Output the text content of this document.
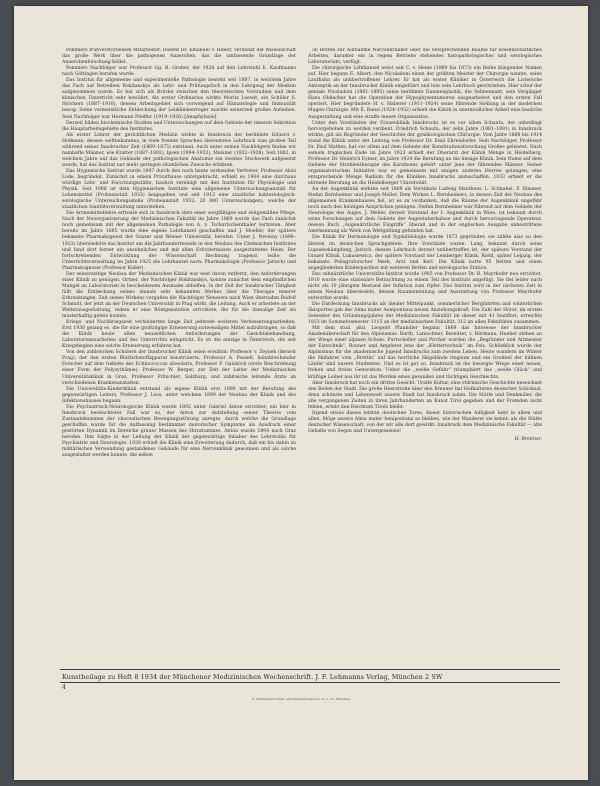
Pommers frühverstorbenem Mitarbeiter, Dozent Dr. Emanuel v. Hibler, verdankt die Wissenschaft das große Werk über die pathogenen Anaeroben, das die umfassende Grundlage der Anaerobenforschung bildet.

Pommers Nachfolger war Professor Gg. B. Gruber, der 1928 auf den Lehrstuhl E. Kaufmanns nach Göttingen berufen wurde.

Das Institut für allgemeine und experimentelle Pathologie besteht seit 1887, in welchem Jahre das Fach auf Betreiben Rokitanskys als Lehr- und Prüfungsfach in den Lehrgang der Medizin aufgenommen wurde. Es hat sich als Brücke zwischen den theoretischen Vorstudien und dem klinischen Unterricht sehr bewährt. Als erster Ordinarius wirkte Moritz Loewit, ein Schüler S. Strickers (1887–1918), dessen Arbeitsgebiet sich vorwiegend auf Hämatologie und Immunität bezog. Seine vermeintliche Entdeckung der Leukämieerreger machte seinerzeit großes Aufsehen. Sein Nachfolger war Hermann Pfeiffer (1919–1926) [Anaphylaxie].

Derzeit bilden biochemische Studien und Untersuchungen auf dem Gebiete der inneren Sekretion die Hauptarbeitsgebiete des Institutes.

Als erster Lehrer der gerichtlichen Medizin wirkte in Innsbruck der berühmte Eduard v. Hofmann, dessen weltbekanntes, in viele fremde Sprachen übersetztes Lehrbuch zum großen Teil während seiner Innsbrucker Zeit (1869–1875) entstand. Auch unter seinen Nachfolgern finden wir namhafte Männer, wie Kratter (1887–1892), Ipsen (1894–1932), Meixner (1932–1938). Seit 1882, in welchem Jahre auf das Gebäude der pathologischen Anatomie ein zweites Stockwerk aufgesetzt wurde, hat das Institut nur mehr geringen räumlichen Zuwachs erfahren.

Das Hygienische Institut wurde 1897 durch den noch heute wirkenden Vertreter, Professor Alois Lode, begründet. Zunächst in einem Privathause untergebracht, erhielt es 1904 eine durchaus würdige Lehr- und Forschungsstätte, baulich vereinigt mit den Instituten für Physiologie und Physik. Seit 1908 ist dem Hygienischen Institute eine allgemeine Untersuchungsanstalt für Lebensmittel (Probeanstalt 1933) beigegeben und seit 1913 eine staatliche bakteriologisch-serologische Untersuchungsstelle (Probeanstalt 1932: 20 880 Untersuchungen), welche der staatlichen Sanitätsverwaltung unterstehen.

Die Arzneimittellehre erfreute sich in Innsbruck stets einer sorgfältigen und zeitgemäßen Pflege. Nach der Neuorganisierung der Medizinischen Fakultät im Jahre 1869 wurde das Fach zunächst noch gemeinsam mit der allgemeinen Pathologie von A. v. Tschurtschenthaler vertreten. Aber bereits im Jahre 1885 wurde eine eigene Lehrkanzel geschaffen und J. Moeller, der spätere bekannte Pharmakognost der Grazer und Wiener Universität, berufen. Unter J. Nevinny (1896–1923) übersiedelte das Institut um die Jahrhundertwende in den Neubau des Chemischen Institutes und fand dort ferner ein ansehnliches und mit allen Erfordernissen ausgestattetes Heim. Der fortschreitenden Entwicklung der Wissenschaft Rechnung tragend, teilte die Unterrichtsverwaltung im Jahre 1925 die Lehrkanzel nach: Pharmakologie (Professor Jarisch) und Pharmakognosie (Professor Koller).

Der seinerzeitige Neubau der Medizinischen Klinik war weit davon entfernt, den Anforderungen einer Klinik zu genügen. Ortner, der Nachfolger Rokitanskys, konnte zunächst dem empfindlichen Mangel an Laboratorien in bescheidenem Ausmaße abhelfen. In der Zeit der Innsbrucker Tätigkeit fällt die Entdeckung seines damals sehr bekannten Werkes über die Therapie innerer Erkrankungen. Zeit seines Wirkens vergaßen die Nachfolger Neussers nach Wien übernahm Rudolf Schmidt, der jetzt an der Deutschen Universität in Prag wirkt, die Leitung. Auch er arbeitete an der Weiterausgestaltung, indem er eine Röntgenstation errichtete, die für die damalige Zeit als musterhaftig gelten konnte.

Kriegs- und Nachkriegszeit verhinderten lange Zeit jedwede weiteren Verbesserungsarbeiten. Erst 1930 gelang es, die für eine großzügige Erneuerung notwendigen Mittel aufzubringen, so daß die Klinik heute allen neuzeitlichen Anforderungen der Gesichtsbehandlung, Laboratoriumsarbeiten und des Unterrichts entspricht. Es ist die einzige in Österreich, die seit Kriegsbeginn eine solche Erneuerung erfahren hat.

Von den zahlreichen Schülern der Innsbrucker Klinik seien erwähnt: Professor v. Zeynek (derzeit Prag), der den ersten Blutfarbstoffapparat konstruierte, Professor A. Posselt, hahnbrechender Forscher auf dem Gebiete des Echinococcus alveolaris, Professor F. Gaisböck (erste Beschreibung einer Form der Polyzythämie), Professor W. Berger, zur Zeit der Leiter der Medizinischen Universitätsklinik in Graz, Professor Fritschler, Salzburg, und zahlreiche leitende Ärzte an verschiedenen Krankenanstalten.

Die Universitäts-Kinderklinik entstand als eigene Klinik erst 1896 mit der Berufung des gegenwärtigen Leiters, Professor J. Loos, unter welchem 1899 der Neubau der Klinik und des Infektionshauses begann.

Die Psychiatrisch-Neurologische Klinik wurde 1892 unter Gabriel Anton errichtet; ein hier in Innsbruck beobachteter Fall war es, der Anton zur Aufstellung seiner Theorie vom Zustandekommen der choreatischen Bewegungsstörung anregte, durch welche die Grundlage geschaffen wurde für die Auffassung bestimmter motorischer Symptome als Ausdruck einer gestörten Dynamik im Bereiche grauer Massen des Hirnstammes. Anton wurde 1894 nach Graz berufen. Ihm folgte in der Leitung der Klinik der gegenwärtige Inhaber des Lehrstuhls für Psychiatrie und Neurologie. 1930 erhielt die Klinik eine Erweiterung dadurch, daß ein bis dahin zu militärischen Verwendung gestandenes Gebäude für eine Nervenklinik gewonnen und als solche ausgestaltet werden konnte, die neben

56 Betten zur Aufnahme Nervenkranker über die entsprechenden Räume für wissenschaftliches Arbeiten, darunter ein in regem Betriebe stehendes histopathologisches und serologisches Laboratorium, verfügt.

Die chirurgische Lehrkanzel weist seit C. v. Heine (1869 bis 1873) ein Reihe klingender Namen auf. Hier begann E. Albert, den Nicoladoni einen der größten Meister der Chirurgie nannte, seine Laufbahn als unübertroffener Lehrer. Er hat als erster Kliniker in Österreich die Listersche Antiseptik an der Innsbrucker Klinik eingeführt und hier sein Lehrbuch geschrieben. Hier schuf der geniale Nicoladoni (1881–1895) seine berühmte Daumenplastik, die Sehnennaht, sein Vorgänger Hans Obdacher hat die Operation der Hypophysentumoren ausgearbeitet und den ersten Fall operiert. Hier begründete H. v. Haberer (1911–1924) seine führende Stellung in der modernen Magen-Chirurgie. Mit E. Ranzi (1924–1932) erhielt die Klinik in unermüdlicher Arbeit eine bauliche Ausgestaltung und eine straffe innere Organisation.

Unter den Vorständen der Frauenklinik Innsbrucks ist es vor allem Schauta, der unbedingt hervorgehoben zu werden verdient. Friedrich Schauta, der zehn Jahre (1881–1891) in Innsbruck wirkte, gilt als Begründer der Geschichte der gynäkologischen Chirurgie. Vom Jahre 1888 bis 1914 stand die Klinik unter der Leitung von Professor Dr. Emil Ehrendorfer. Sein Nachfolger, Professor Dr. Paul Mathes, hat vor allem auf dem Gebiete der Konstitutionsforschung Großes geleistet. Nach seinem tragischen Ende im Jahre 1923 erhielt der Oberarzt der Klinik Menge in Heidelberg, Professor Dr. Heinrich Eymer, im Jahre 1924 die Berufung an die hiesige Klinik. Sein Name auf dem Gebiete der Strahlentherapie des Karzinoms gehört unter jene der führenden Männer. Seiner organisatorischen Initiative war es gemeinsam mit einigen anderen Herren gelungen, eine entsprechende Menge Radium für die Kliniken Innsbrucks anzuschaffen. 1933 erhielt er die ehrende Berufung an die Heidelberger Universität.

An der Augenklinik wirkten seit 1869 als Vorstände Ludwig Mauthner, L. Schnabel, F. Dimmer, Stefan Bernheimer und Joseph Meller. Dem Wirken L. Bernheimers, in dessen Zeit der Neubau des allgemeinen Krankenhauses fiel, ist es zu verdanken, daß die Räume der Augenklinik ungefähr noch nach den heutigen Ansprüchen genügen. Stefan Bernheimer war führend auf dem Gebiete der Neurologie des Auges. J. Meller, derzeit Vorstand der I. Augenklinik in Wien, ist bekannt durch seine Forschungen auf dem Gebiete der Augentuberkulose und durch hervorragende Operateur, dessen Buch „Augenärztliche Eingriffe“ überall und in der englischen Ausgabe unbestrittene Anerkennung als Werk von Weltgeltung gefunden hat.

Die Klinik für Dermatologie und Syphilidologie wurde 1873 gegründet; sie zählte also zu den älteren im deutschen Sprachgebiete. Ihre Vorstände waren: Lang, bekannt durch seine Lupusbekämpfung, Jarisch, dessen Lehrbuch derzeit unübertroffen ist, der spätere Vorstand der Grazer Klinik, Lukasiewicz, der spätere Vorstand der Lemberger Klinik, Riehl, später Leipzig, der bekannte Pellagraforscher Merk, Arzt und Kerl. Die Klinik hatte 95 Betten und einen angegliederten Kinderpavillon mit weiteren Betten und serologische Station.

Das zahnärztliche Universitäts-Institut wurde 1905 von Professor Dr. B. Mayrhofer neu errichtet. 1910 wurde eine stationäre Betrachtung zu einem Teil des Instituts angefügt. Sie fiel leider nach nicht als 10 jährigem Bestand der Inflation zum Opfer. Das Institut wird in der nächsten Zeit in einem Neubau übersiedeln, dessen Raumeinteilung und Ausstattung von Professor Mayrhofer entworfen wurde.

Die Entdeckung Innsbrucks als idealer Mittelpunkt, sommerlicher Bergfahrten und winterlichen Skisportes gab der Alma mater Aenipontana neuen Anziehungskraft. Die Zahl der Hörer, im ersten Semester des Gründungsjahres der Medizinischen Fakultät im dieser mit 41 beziffert, erreichte 1923 im Sommersemester 1115 an der medizinischen Fakultät, 312 an allen Fakultäten zusammen.

Mit dem stud. phil. Leopold Pfaundler begann 1869 das Interesse der Innsbrucker Akademikerschaft für den Alpinismus. Barth, Lantschner, Bereitter, v. Hörmann, Hueber stehen an der Wiege einer alpinen Schule. Purtscheller und Pircher wurden die „Begründer und Altmeister der Eistechnik“, Ronner und Ampferer jene der „Klettertechnik“ im Fels. Schließlich wurde der Alpinismus für die akademische Jugend Innsbrucks zum zweiten Leben. Heute wandern im Winter die Skifahrer vom „Brettln“ auf das herrliche Skigelände ringsum und ein Großteil der kühnen Läufer sind unsere Studenten. Und es ist gut so, Innsbruck ist die besorgte Wiege einer neuen, frohen und freien Generation. Ueber die „weiße Gefahr“ triumphiert das „weiße Glück“ und kräftige Leiber aus ihr ist das Werden eines gesunden und tüchtigen Geschlechts.

Aber Innsbruck hat noch ein drittes Gesicht. Uralte Kultur, eine stürmische Geschichte bezeichnet den Boden der Stadt. Die große Heerstraße über den Brenner hat Hofkulturen deutscher Schicksal, denn schönste und Lebenswelt unsere Stadt hat Innsbruck nahm. Die Stätte und Denkmäler, die alle vergangenen Zeiten in ihren Jahrhunderten an Kunst Tirol gegeben und der Fremden nicht fehlen, erlebt den Reichtum Tirols bleibt.

Irgend etwas dieses letzten deutschen Tores, dieser historischen Adligkeit liebt in allem und allen. Möge unsere Alma mater Aenipontana so bleiben, wie der Wanderer sie kennt: als die Stätte deutscher Wissenschaft, von der wir alle dort gewirkt: Innsbruck dem Medizinische Fakultät — alte Gehalte von Segen und Unvergessenes!

H. Breitner.

Kunstbeilage zu Heft 8 1934 der Münchener Medizinischen Wochenschrift. J. F. Lehmanns Verlag, München 2 SW
4
E. Mühlthaler's Buch- und Kunstdruckerei G. m. b. H., München
